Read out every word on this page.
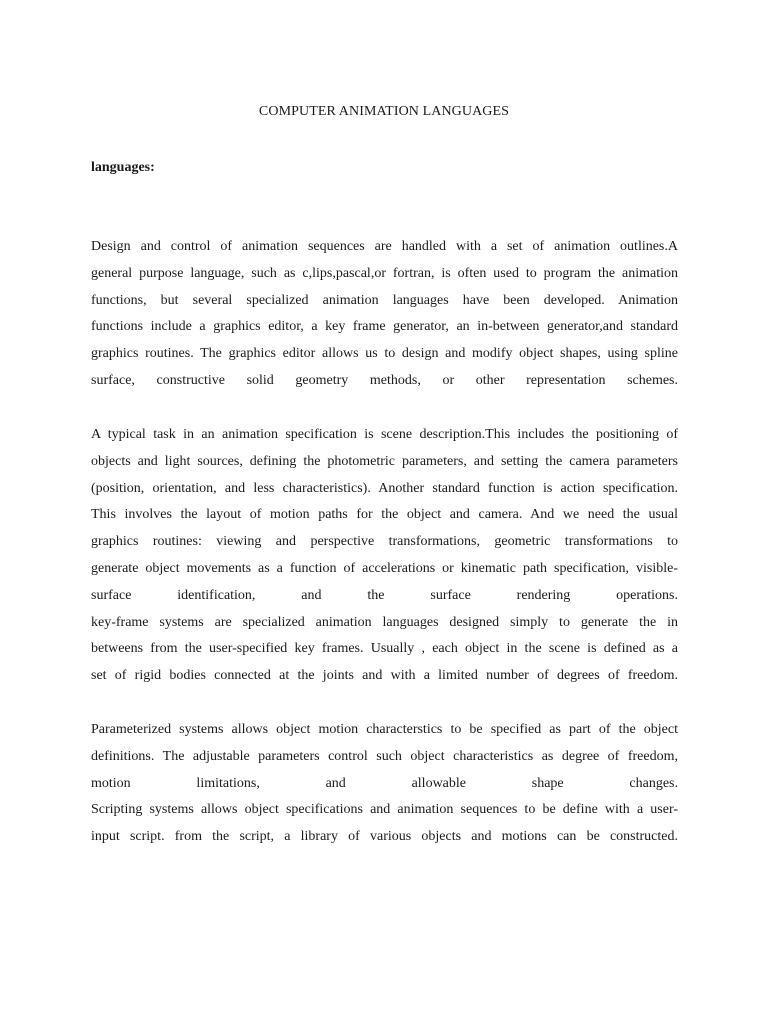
COMPUTER ANIMATION LANGUAGES
languages:
Design and control of animation sequences are handled with a set of animation outlines.A
general purpose language, such as c,lips,pascal,or fortran, is often used to program the animation
functions, but several specialized animation languages have been developed. Animation
functions include a graphics editor, a key frame generator, an in-between generator,and standard
graphics routines. The graphics editor allows us to design and modify object shapes, using spline
surface, constructive solid geometry methods, or other representation schemes.
A typical task in an animation specification is scene description.This includes the positioning of
objects and light sources, defining the photometric parameters, and setting the camera parameters
(position, orientation, and less characteristics). Another standard function is action specification.
This involves the layout of motion paths for the object and camera. And we need the usual
graphics routines: viewing and perspective transformations, geometric transformations to
generate object movements as a function of accelerations or kinematic path specification, visible-
surface identification, and the surface rendering operations.
key-frame systems are specialized animation languages designed simply to generate the in
betweens from the user-specified key frames. Usually , each object in the scene is defined as a
set of rigid bodies connected at the joints and with a limited number of degrees of freedom.
Parameterized systems allows object motion characterstics to be specified as part of the object
definitions. The adjustable parameters control such object characteristics as degree of freedom,
motion limitations, and allowable shape changes.
Scripting systems allows object specifications and animation sequences to be define with a user-
input script. from the script, a library of various objects and motions can be constructed.
